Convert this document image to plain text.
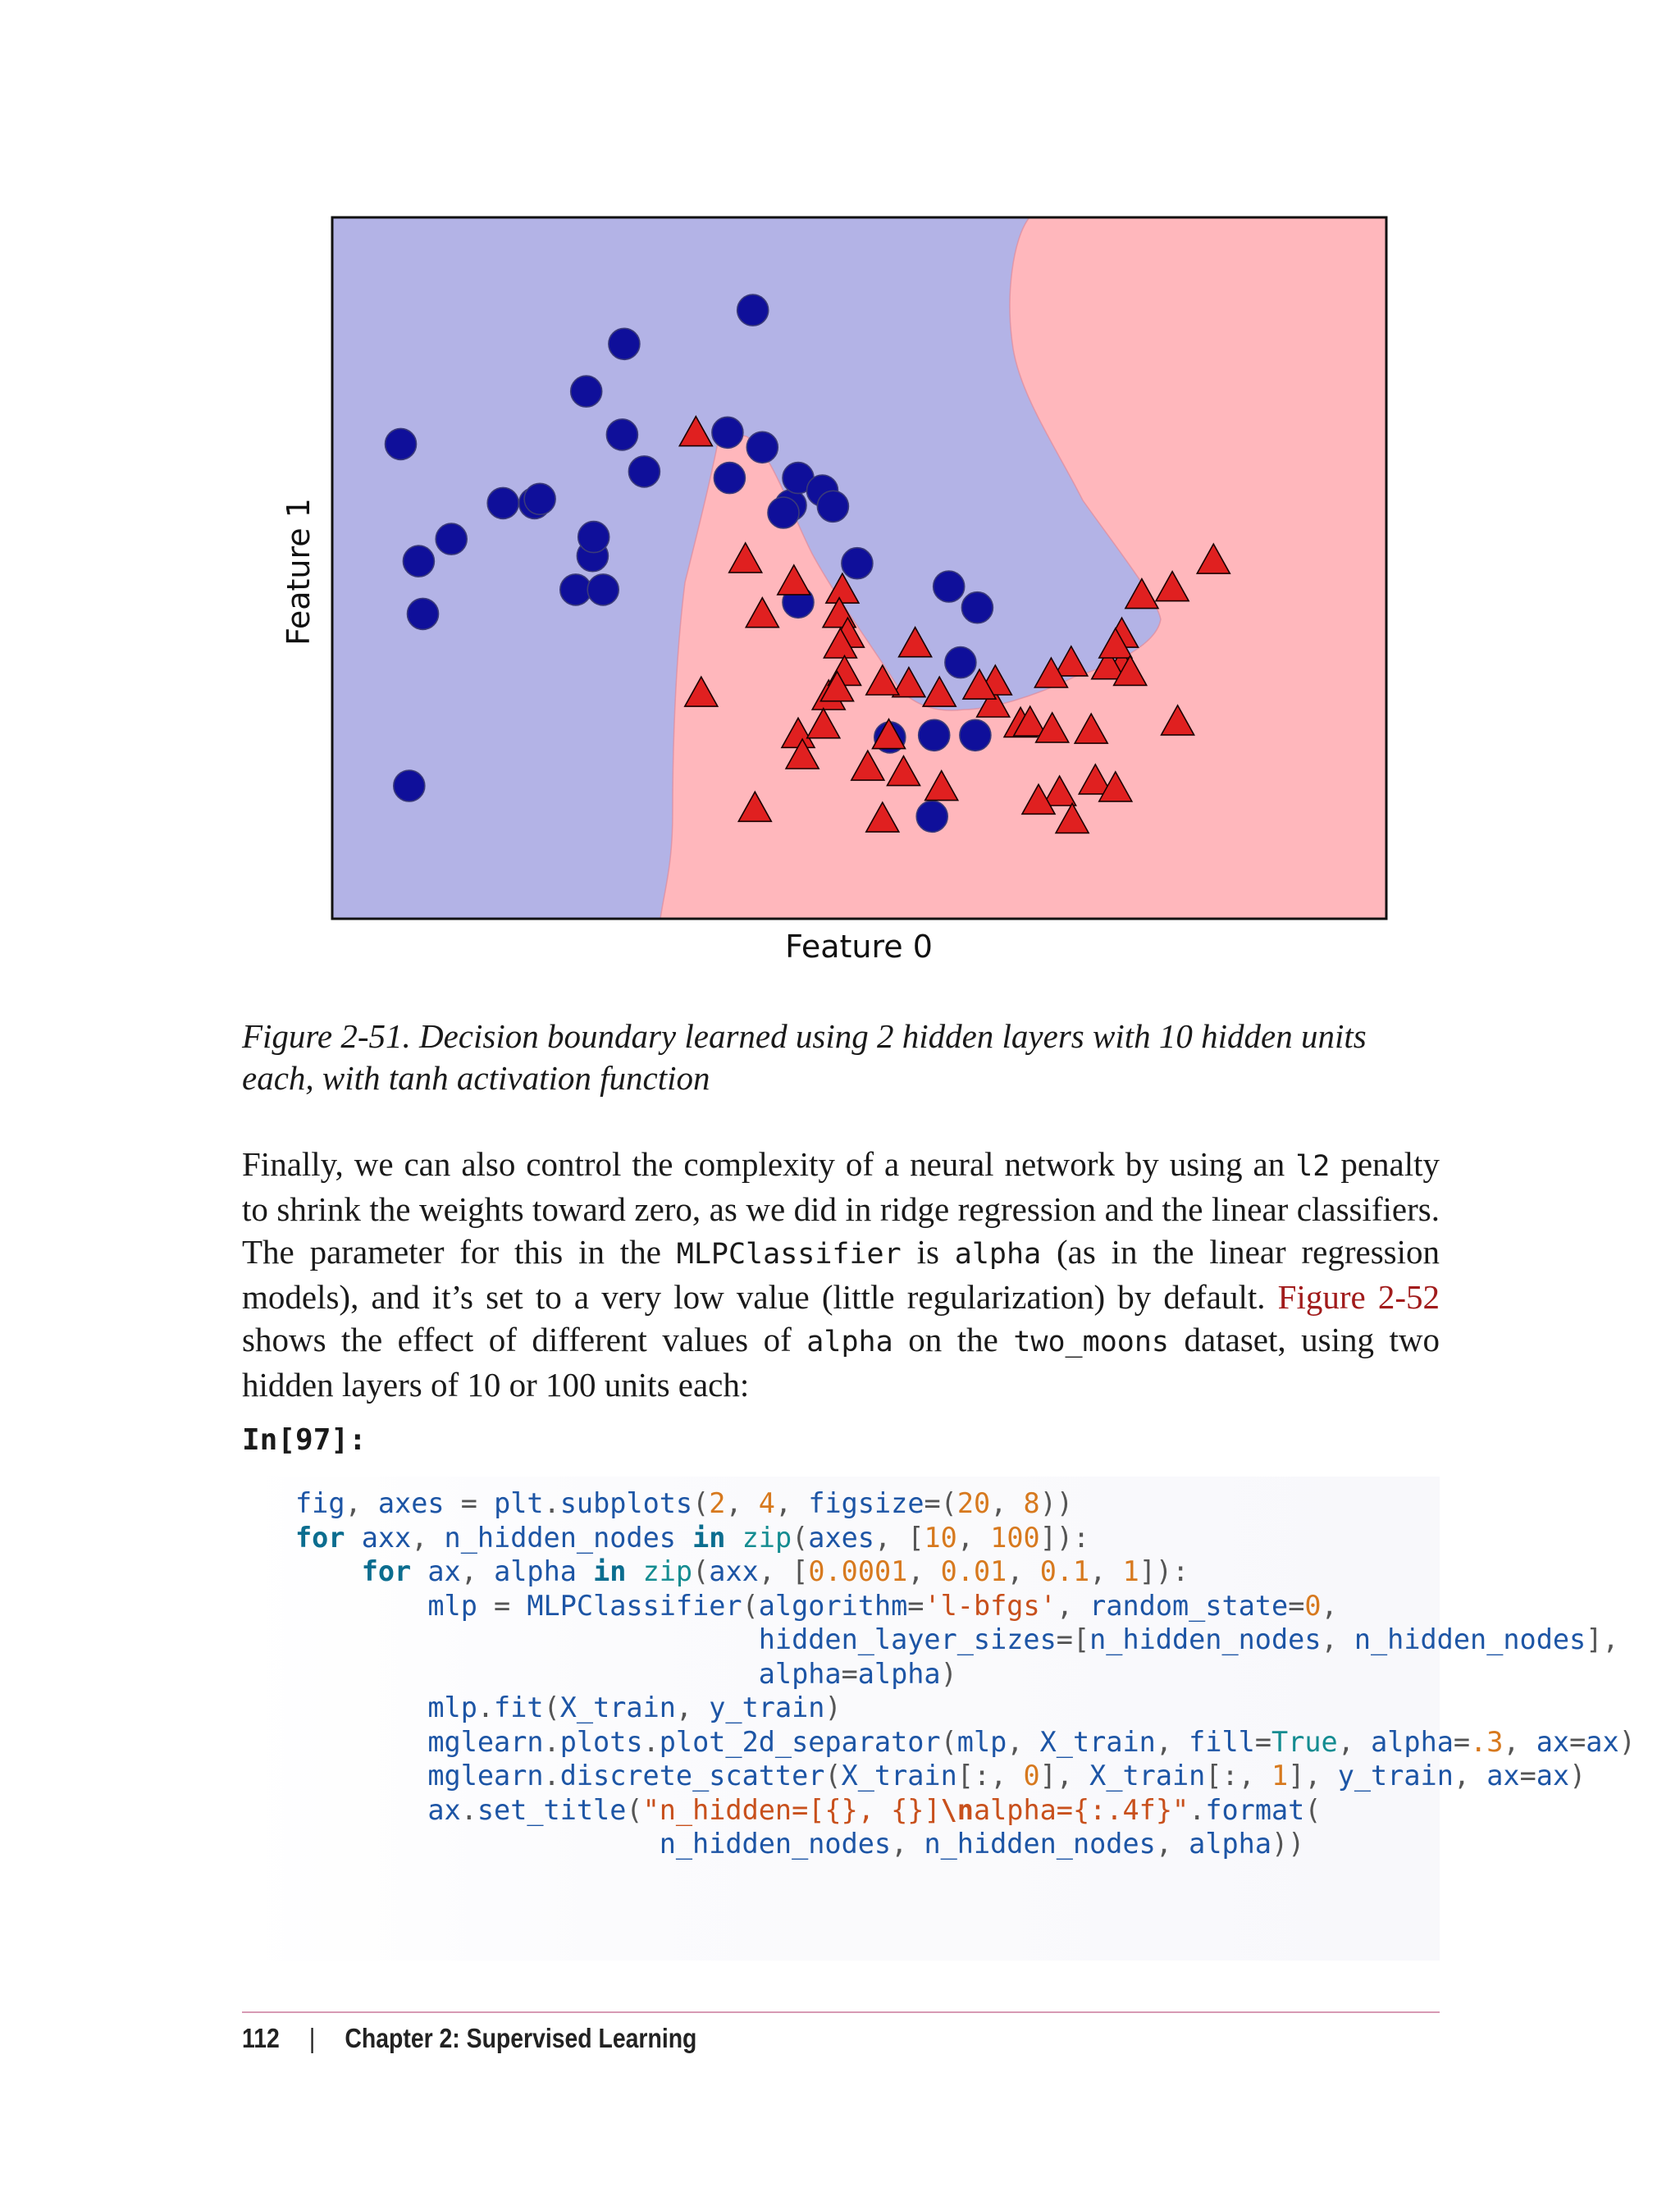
Feature 0
Feature 1

Figure 2-51. Decision boundary learned using 2 hidden layers with 10 hidden units each, with tanh activation function

Finally, we can also control the complexity of a neural network by using an l2 penalty to shrink the weights toward zero, as we did in ridge regression and the linear classifiers. The parameter for this in the MLPClassifier is alpha (as in the linear regression models), and it’s set to a very low value (little regularization) by default. Figure 2-52 shows the effect of different values of alpha on the two_moons dataset, using two hidden layers of 10 or 100 units each:

In[97]:
fig, axes = plt.subplots(2, 4, figsize=(20, 8))
for axx, n_hidden_nodes in zip(axes, [10, 100]):
for ax, alpha in zip(axx, [0.0001, 0.01, 0.1, 1]):
mlp = MLPClassifier(algorithm='l-bfgs', random_state=0,
hidden_layer_sizes=[n_hidden_nodes, n_hidden_nodes],
alpha=alpha)
mlp.fit(X_train, y_train)
mglearn.plots.plot_2d_separator(mlp, X_train, fill=True, alpha=.3, ax=ax)
mglearn.discrete_scatter(X_train[:, 0], X_train[:, 1], y_train, ax=ax)
ax.set_title("n_hidden=[{}, {}]\nalpha={:.4f}".format(
n_hidden_nodes, n_hidden_nodes, alpha))
112 | Chapter 2: Supervised Learning
